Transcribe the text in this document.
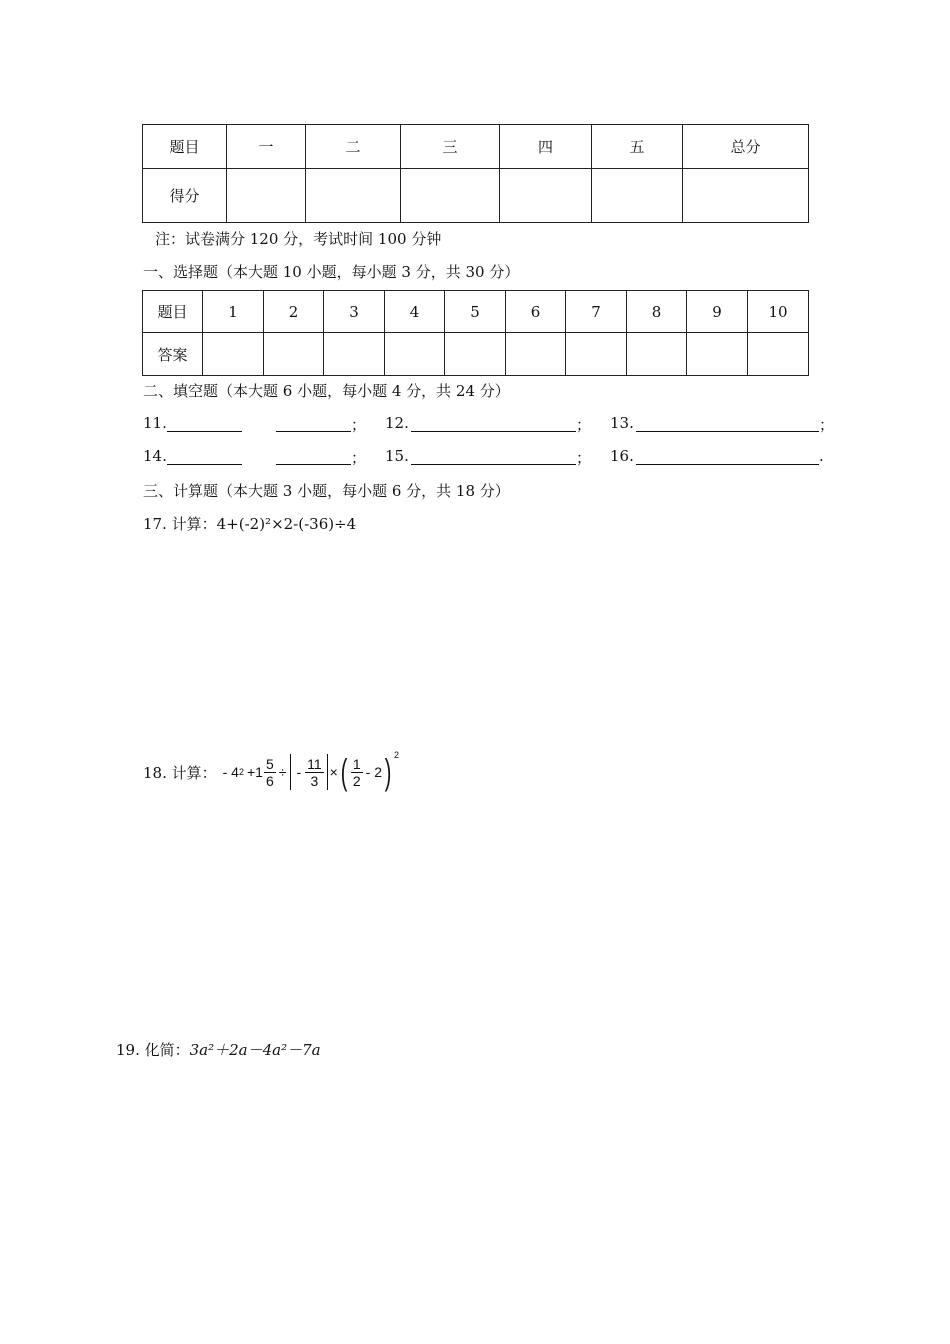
题目	一	二	三	四	五	总分
得分						
注：试卷满分 120 分，考试时间 100 分钟
一、选择题（本大题 10 小题，每小题 3 分，共 30 分）
题目	1	2	3	4	5	6	7	8	9	10
答案										
二、填空题（本大题 6 小题，每小题 4 分，共 24 分）
11.	； 12.	； 13.	；
14.	； 15.	； 16.	.
三、计算题（本大题 3 小题，每小题 6 分，共 18 分）
17. 计算：4+(-2)²×2-(-36)÷4
18. 计算： - 4 $2 +1 \frac{5}{6}$ ÷ - $\frac{11}{3}$ × ( $\frac{1}{2} - 2$ ) 2
19. 化简：3a²＋2a－4a²－7a
